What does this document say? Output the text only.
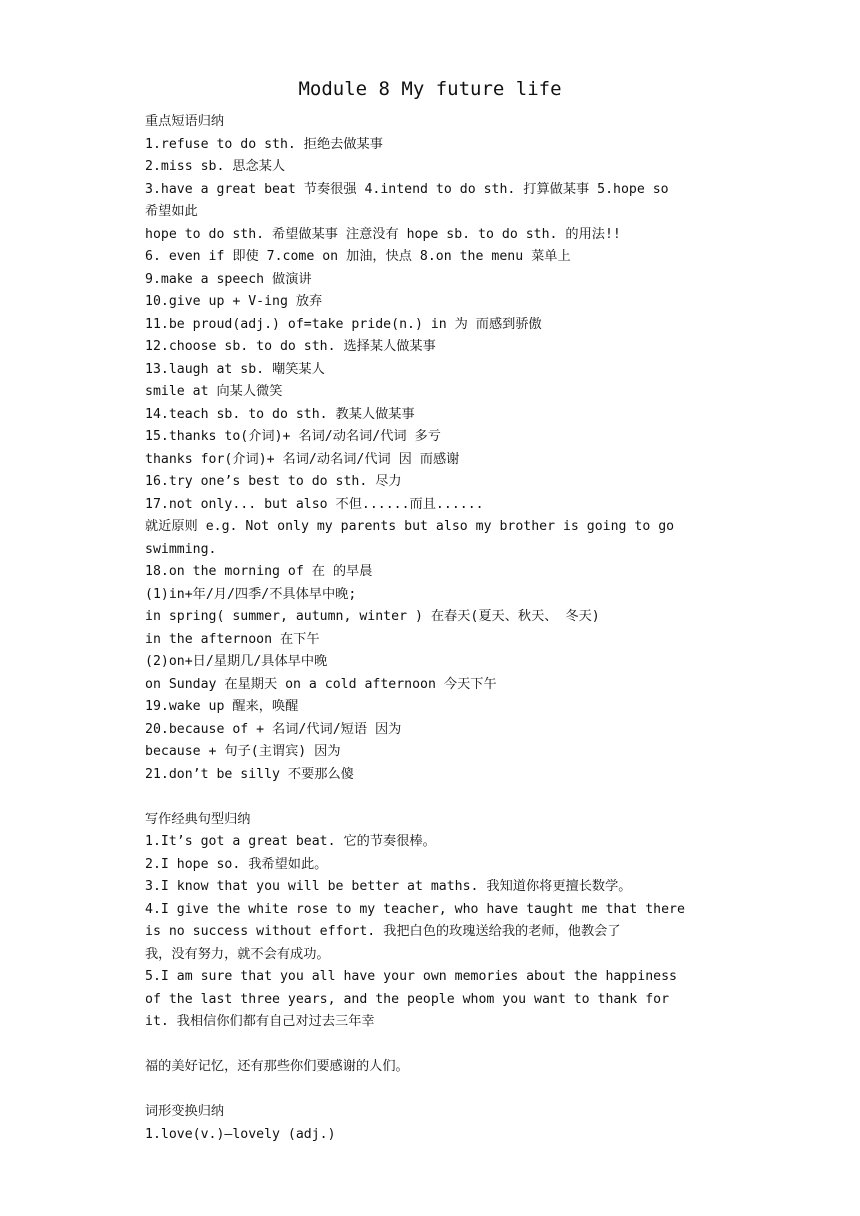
Module 8 My future life
重点短语归纳
1.refuse to do sth. 拒绝去做某事
2.miss sb. 思念某人
3.have a great beat 节奏很强 4.intend to do sth. 打算做某事 5.hope so
希望如此
hope to do sth. 希望做某事 注意没有 hope sb. to do sth. 的用法!!
6. even if 即使 7.come on 加油，快点 8.on the menu 菜单上
9.make a speech 做演讲
10.give up + V-ing 放弃
11.be proud(adj.) of=take pride(n.) in 为 而感到骄傲
12.choose sb. to do sth. 选择某人做某事
13.laugh at sb. 嘲笑某人
smile at 向某人微笑
14.teach sb. to do sth. 教某人做某事
15.thanks to(介词)+ 名词/动名词/代词 多亏
thanks for(介词)+ 名词/动名词/代词 因 而感谢
16.try one’s best to do sth. 尽力
17.not only... but also 不但......而且......
就近原则 e.g. Not only my parents but also my brother is going to go
swimming.
18.on the morning of 在 的早晨
(1)in+年/月/四季/不具体早中晚;
in spring( summer, autumn, winter ) 在春天(夏天、秋天、 冬天)
in the afternoon 在下午
(2)on+日/星期几/具体早中晚
on Sunday 在星期天 on a cold afternoon 今天下午
19.wake up 醒来，唤醒
20.because of + 名词/代词/短语 因为
because + 句子(主谓宾) 因为
21.don’t be silly 不要那么傻
写作经典句型归纳
1.It’s got a great beat. 它的节奏很棒。
2.I hope so. 我希望如此。
3.I know that you will be better at maths. 我知道你将更擅长数学。
4.I give the white rose to my teacher, who have taught me that there
is no success without effort. 我把白色的玫瑰送给我的老师，他教会了
我，没有努力，就不会有成功。
5.I am sure that you all have your own memories about the happiness
of the last three years, and the people whom you want to thank for
it. 我相信你们都有自己对过去三年幸
福的美好记忆，还有那些你们要感谢的人们。
词形变换归纳
1.love(v.)—lovely (adj.)
